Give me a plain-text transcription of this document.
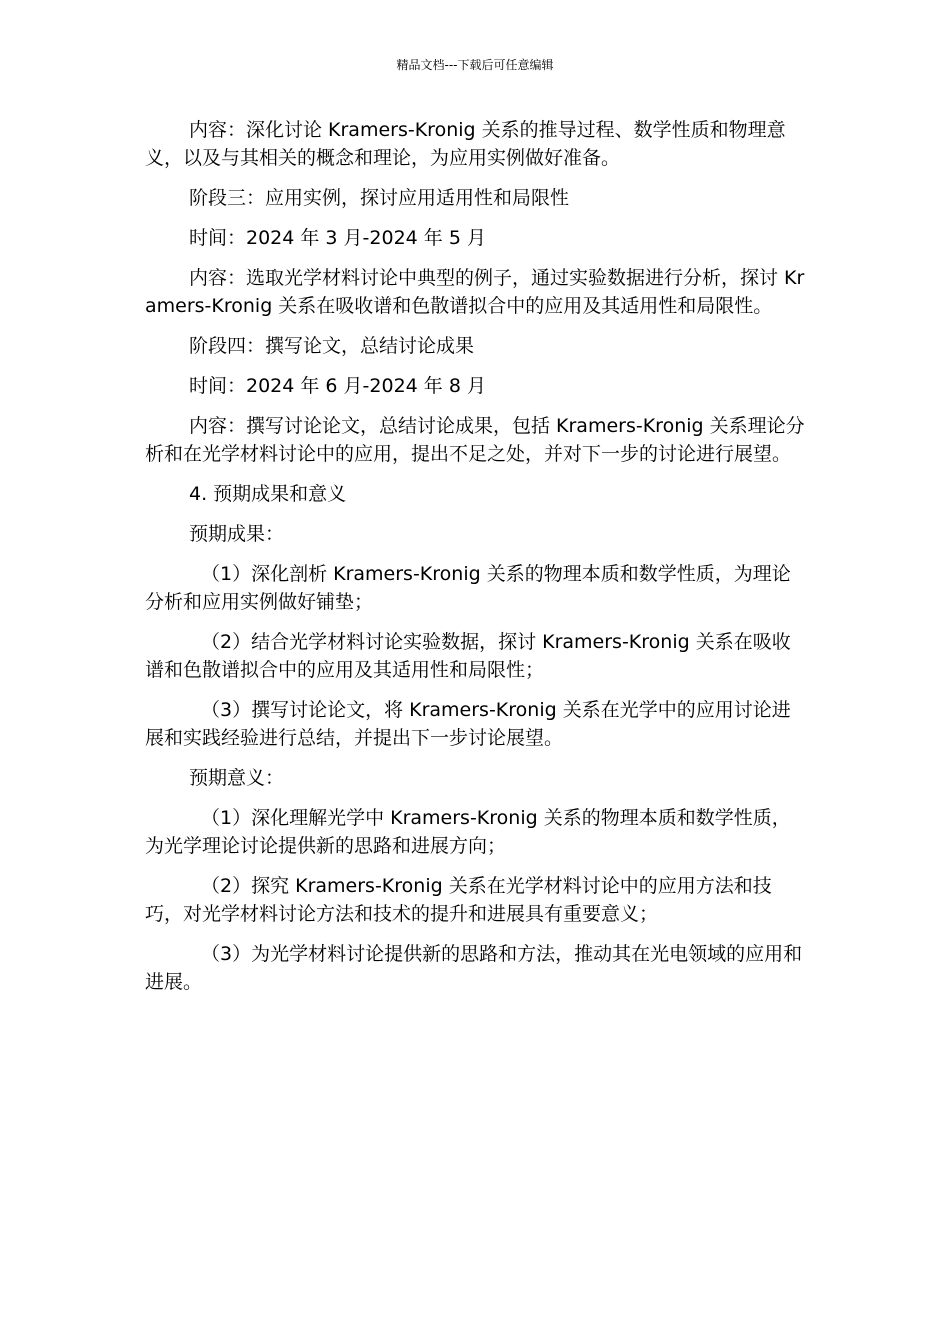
精品文档---下载后可任意编辑

内容：深化讨论 Kramers-Kronig 关系的推导过程、数学性质和物理意义，以及与其相关的概念和理论，为应用实例做好准备。

阶段三：应用实例，探讨应用适用性和局限性

时间：2024 年 3 月-2024 年 5 月

内容：选取光学材料讨论中典型的例子，通过实验数据进行分析，探讨 Kramers-Kronig 关系在吸收谱和色散谱拟合中的应用及其适用性和局限性。

阶段四：撰写论文，总结讨论成果

时间：2024 年 6 月-2024 年 8 月

内容：撰写讨论论文，总结讨论成果，包括 Kramers-Kronig 关系理论分析和在光学材料讨论中的应用，提出不足之处，并对下一步的讨论进行展望。

4. 预期成果和意义

预期成果：

（1）深化剖析 Kramers-Kronig 关系的物理本质和数学性质，为理论分析和应用实例做好铺垫；

（2）结合光学材料讨论实验数据，探讨 Kramers-Kronig 关系在吸收谱和色散谱拟合中的应用及其适用性和局限性；

（3）撰写讨论论文，将 Kramers-Kronig 关系在光学中的应用讨论进展和实践经验进行总结，并提出下一步讨论展望。

预期意义：

（1）深化理解光学中 Kramers-Kronig 关系的物理本质和数学性质，为光学理论讨论提供新的思路和进展方向；

（2）探究 Kramers-Kronig 关系在光学材料讨论中的应用方法和技巧，对光学材料讨论方法和技术的提升和进展具有重要意义；

（3）为光学材料讨论提供新的思路和方法，推动其在光电领域的应用和进展。
